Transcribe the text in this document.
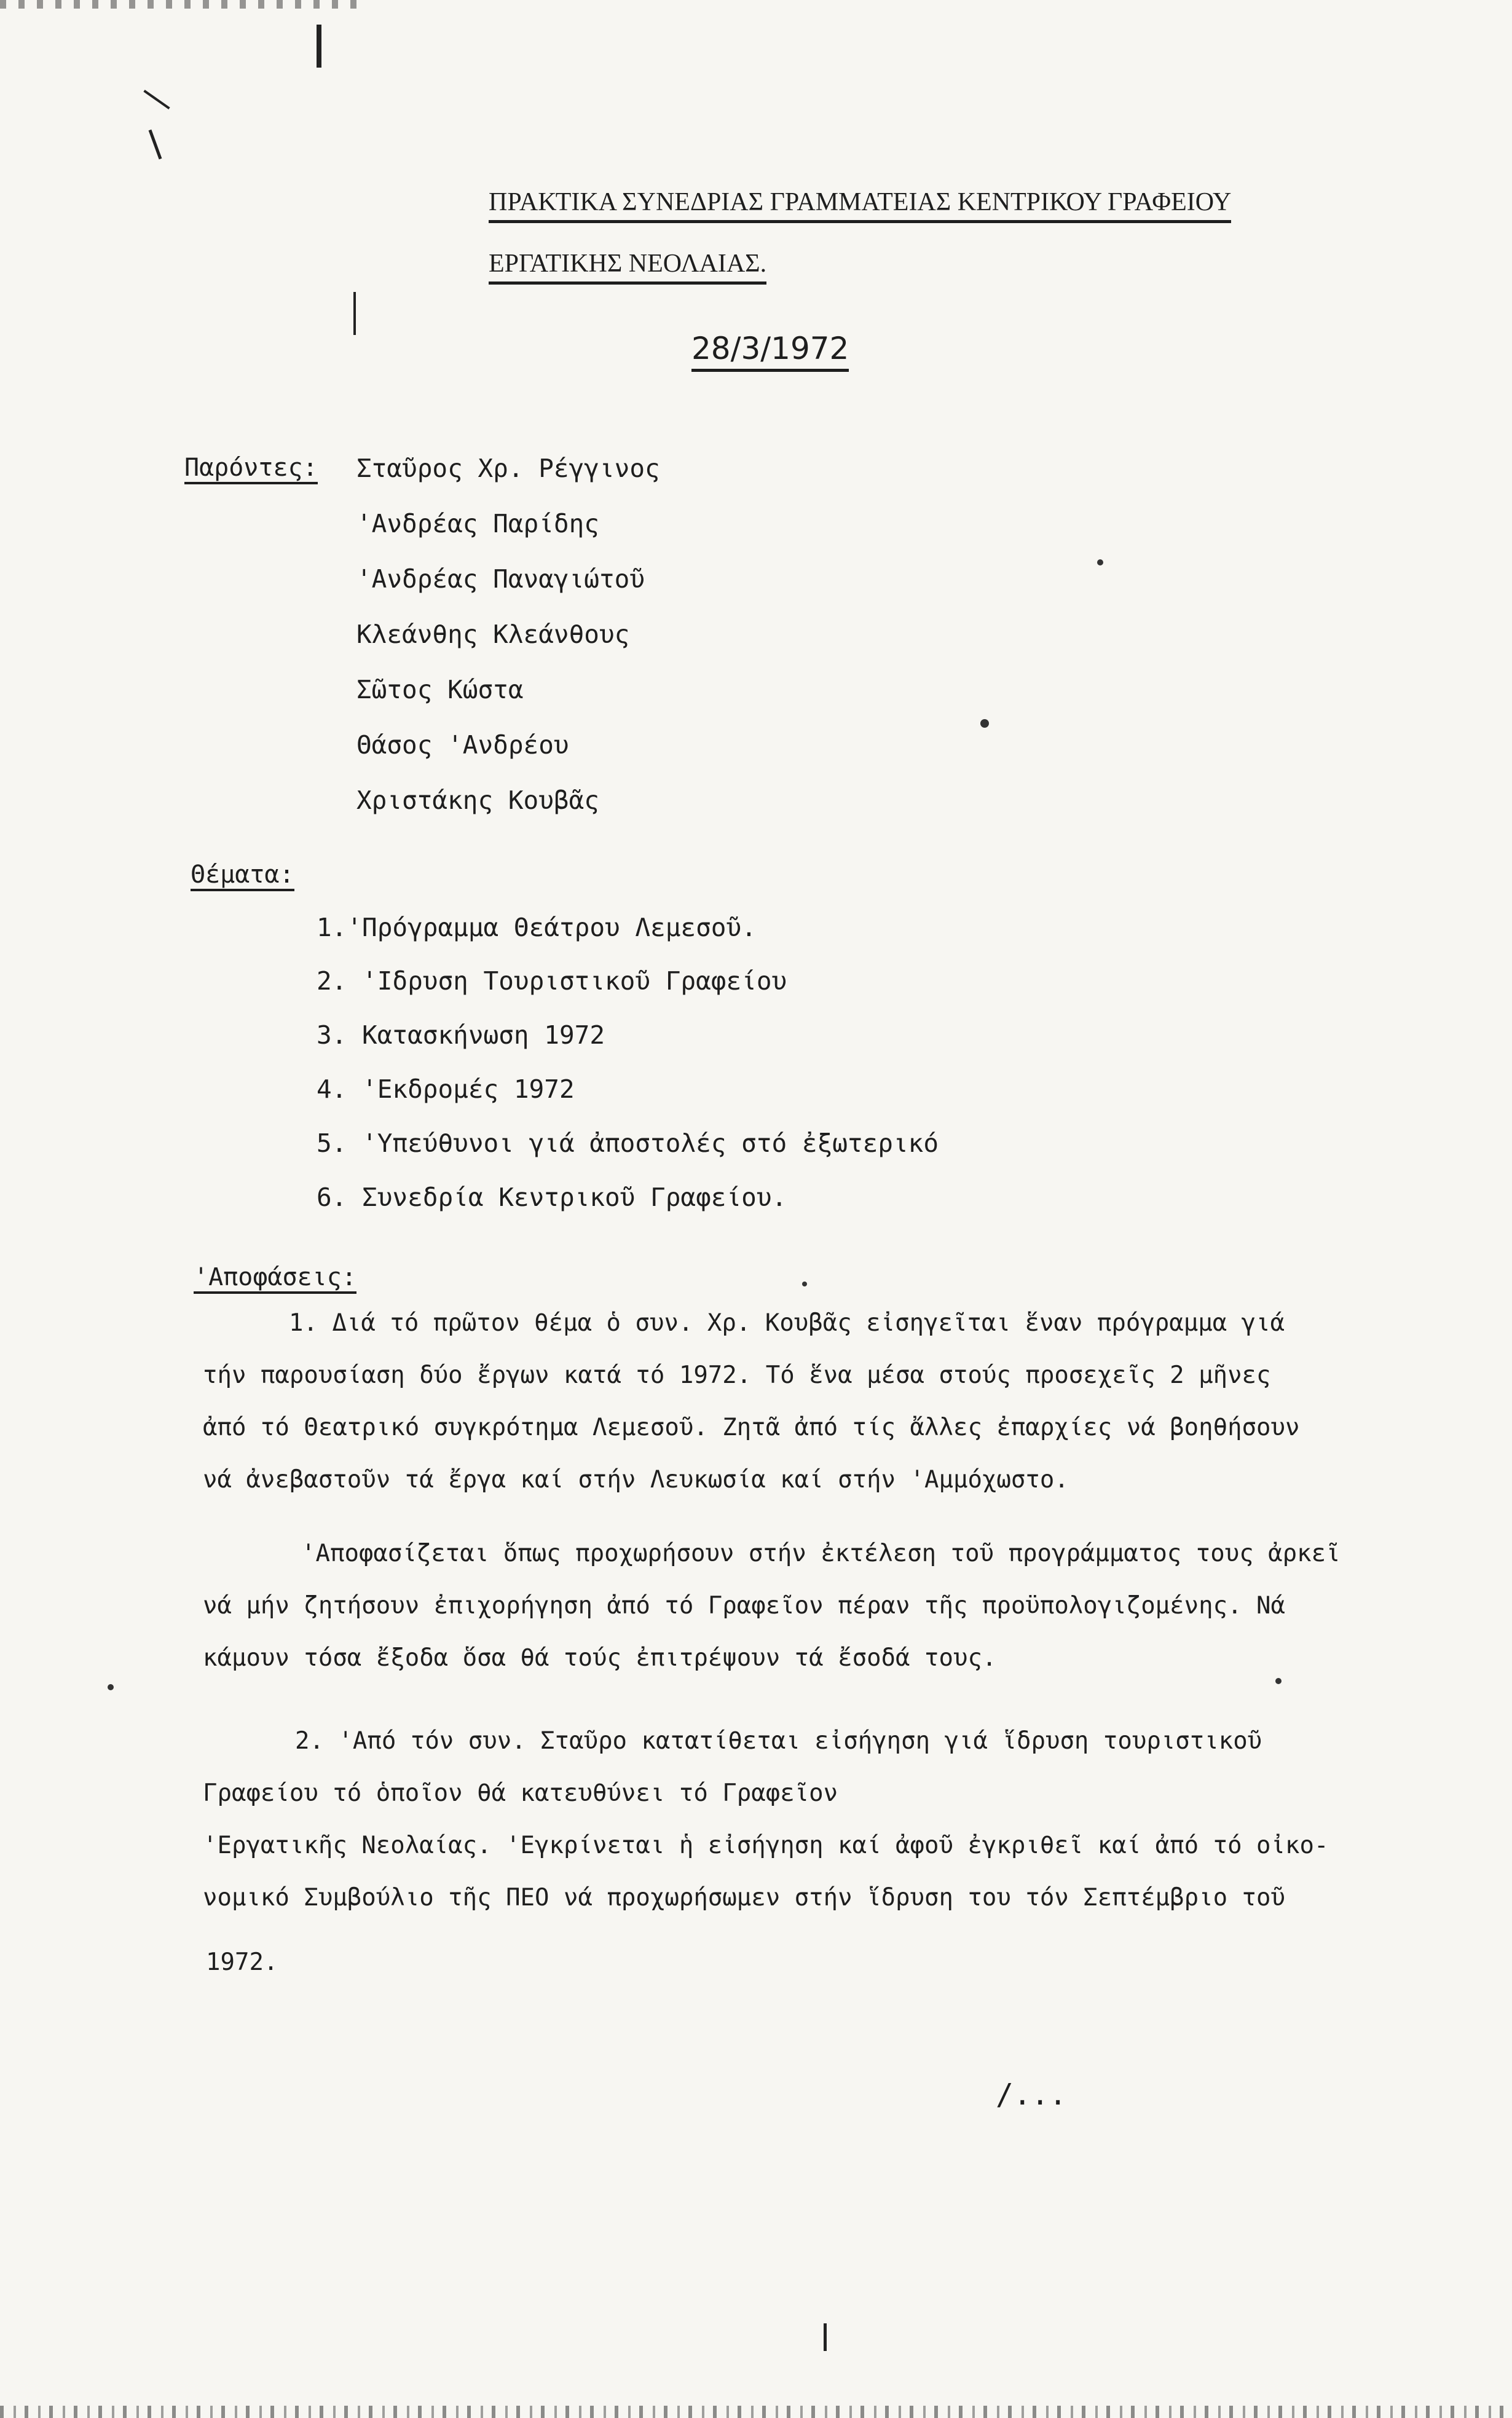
ΠΡΑΚΤΙΚΑ ΣΥΝΕΔΡΙΑΣ ΓΡΑΜΜΑΤΕΙΑΣ ΚΕΝΤΡΙΚΟΥ ΓΡΑΦΕΙΟΥ
ΕΡΓΑΤΙΚΗΣ ΝΕΟΛΑΙΑΣ.
28/3/1972
Παρόντες: Σταῦρος Χρ. Ρέγγινος
'Ανδρέας Παρίδης
'Ανδρέας Παναγιώτοῦ
Κλεάνθης Κλεάνθους
Σῶτος Κώστα
Θάσος 'Ανδρέου
Χριστάκης Κουβᾶς
Θέματα:
1.'Πρόγραμμα Θεάτρου Λεμεσοῦ.
2. 'Ιδρυση Τουριστικοῦ Γραφείου
3. Κατασκήνωση 1972
4. 'Εκδρομές 1972
5. 'Υπεύθυνοι γιά ἀποστολές στό ἐξωτερικό
6. Συνεδρία Κεντρικοῦ Γραφείου.
'Αποφάσεις:
1. Διά τό πρῶτον θέμα ὁ συν. Χρ. Κουβᾶς εἰσηγεῖται ἕναν πρόγραμμα γιά
τήν παρουσίαση δύο ἔργων κατά τό 1972. Τό ἕνα μέσα στούς προσεχεῖς 2 μῆνες
ἀπό τό Θεατρικό συγκρότημα Λεμεσοῦ. Ζητᾶ ἀπό τίς ἄλλες ἐπαρχίες νά βοηθήσουν
νά ἀνεβαστοῦν τά ἔργα καί στήν Λευκωσία καί στήν 'Αμμόχωστο.
'Αποφασίζεται ὅπως προχωρήσουν στήν ἐκτέλεση τοῦ προγράμματος τους ἀρκεῖ
νά μήν ζητήσουν ἐπιχορήγηση ἀπό τό Γραφεῖον πέραν τῆς προϋπολογιζομένης. Νά
κάμουν τόσα ἔξοδα ὅσα θά τούς ἐπιτρέψουν τά ἔσοδά τους.
2. 'Από τόν συν. Σταῦρο κατατίθεται εἰσήγηση γιά ἵδρυση τουριστικοῦ
Γραφείου τό ὁποῖον θά κατευθύνει τό Γραφεῖον
'Εργατικῆς Νεολαίας. 'Εγκρίνεται ἡ εἰσήγηση καί ἀφοῦ ἐγκριθεῖ καί ἀπό τό οἰκο-
νομικό Συμβούλιο τῆς ΠΕΟ νά προχωρήσωμεν στήν ἵδρυση του τόν Σεπτέμβριο τοῦ
1972.
/...
